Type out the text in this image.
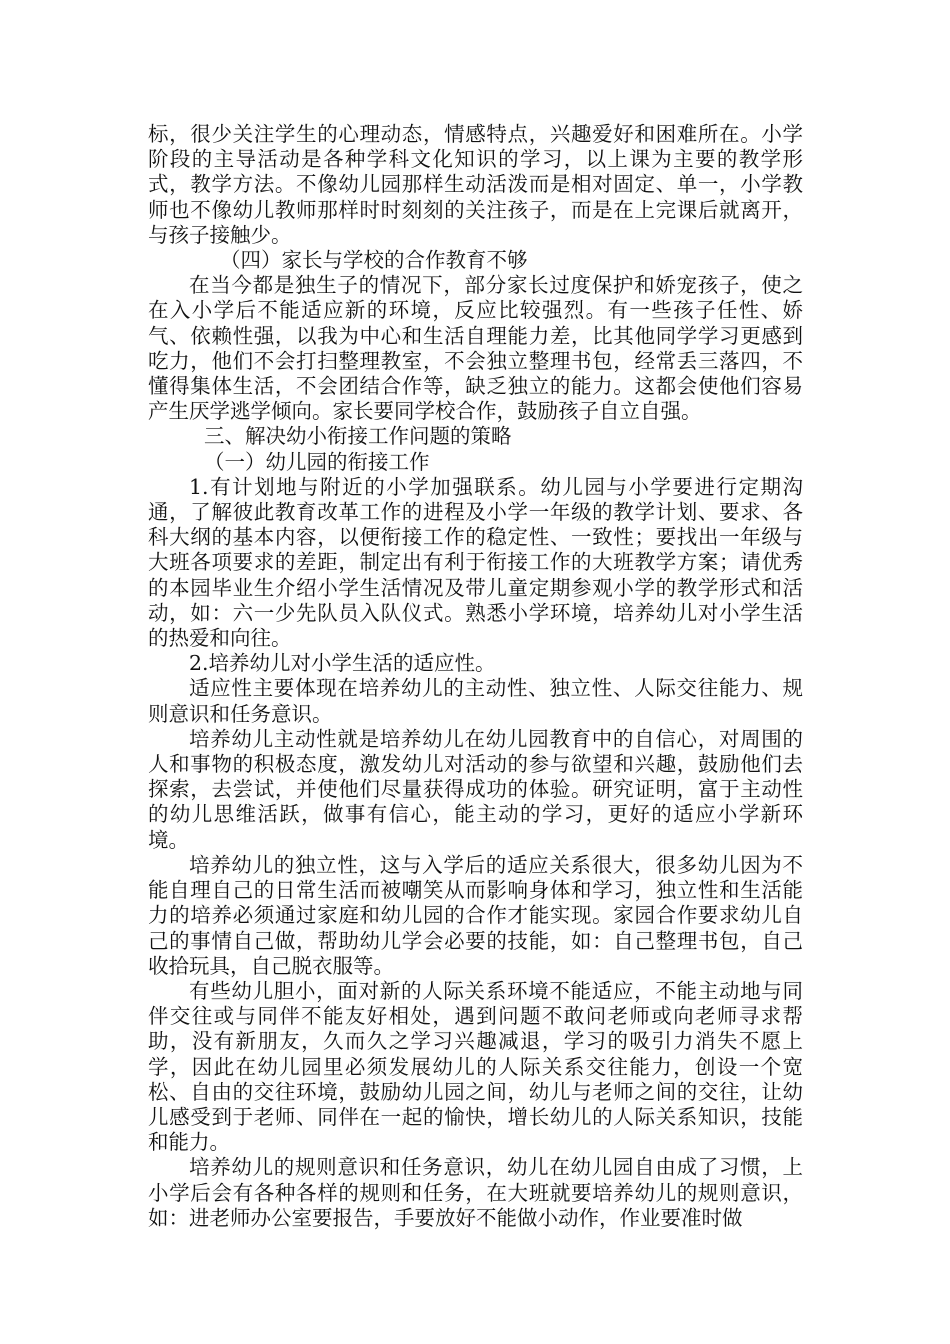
标，很少关注学生的心理动态，情感特点，兴趣爱好和困难所在。小学阶段的主导活动是各种学科文化知识的学习，以上课为主要的教学形式，教学方法。不像幼儿园那样生动活泼而是相对固定、单一，小学教师也不像幼儿教师那样时时刻刻的关注孩子，而是在上完课后就离开，与孩子接触少。

（四）家长与学校的合作教育不够

在当今都是独生子的情况下，部分家长过度保护和娇宠孩子，使之在入小学后不能适应新的环境，反应比较强烈。有一些孩子任性、娇气、依赖性强，以我为中心和生活自理能力差，比其他同学学习更感到吃力，他们不会打扫整理教室，不会独立整理书包，经常丢三落四，不懂得集体生活，不会团结合作等，缺乏独立的能力。这都会使他们容易产生厌学逃学倾向。家长要同学校合作，鼓励孩子自立自强。

三、解决幼小衔接工作问题的策略

（一）幼儿园的衔接工作

1.有计划地与附近的小学加强联系。幼儿园与小学要进行定期沟通，了解彼此教育改革工作的进程及小学一年级的教学计划、要求、各科大纲的基本内容，以便衔接工作的稳定性、一致性；要找出一年级与大班各项要求的差距，制定出有利于衔接工作的大班教学方案；请优秀的本园毕业生介绍小学生活情况及带儿童定期参观小学的教学形式和活动，如：六一少先队员入队仪式。熟悉小学环境，培养幼儿对小学生活的热爱和向往。

2.培养幼儿对小学生活的适应性。

适应性主要体现在培养幼儿的主动性、独立性、人际交往能力、规则意识和任务意识。

培养幼儿主动性就是培养幼儿在幼儿园教育中的自信心，对周围的人和事物的积极态度，激发幼儿对活动的参与欲望和兴趣，鼓励他们去探索，去尝试，并使他们尽量获得成功的体验。研究证明，富于主动性的幼儿思维活跃，做事有信心，能主动的学习，更好的适应小学新环境。

培养幼儿的独立性，这与入学后的适应关系很大，很多幼儿因为不能自理自己的日常生活而被嘲笑从而影响身体和学习，独立性和生活能力的培养必须通过家庭和幼儿园的合作才能实现。家园合作要求幼儿自己的事情自己做，帮助幼儿学会必要的技能，如：自己整理书包，自己收拾玩具，自己脱衣服等。

有些幼儿胆小，面对新的人际关系环境不能适应，不能主动地与同伴交往或与同伴不能友好相处，遇到问题不敢问老师或向老师寻求帮助，没有新朋友，久而久之学习兴趣减退，学习的吸引力消失不愿上学，因此在幼儿园里必须发展幼儿的人际关系交往能力，创设一个宽松、自由的交往环境，鼓励幼儿园之间，幼儿与老师之间的交往，让幼儿感受到于老师、同伴在一起的愉快，增长幼儿的人际关系知识，技能和能力。

培养幼儿的规则意识和任务意识，幼儿在幼儿园自由成了习惯，上小学后会有各种各样的规则和任务，在大班就要培养幼儿的规则意识，如：进老师办公室要报告，手要放好不能做小动作，作业要准时做
